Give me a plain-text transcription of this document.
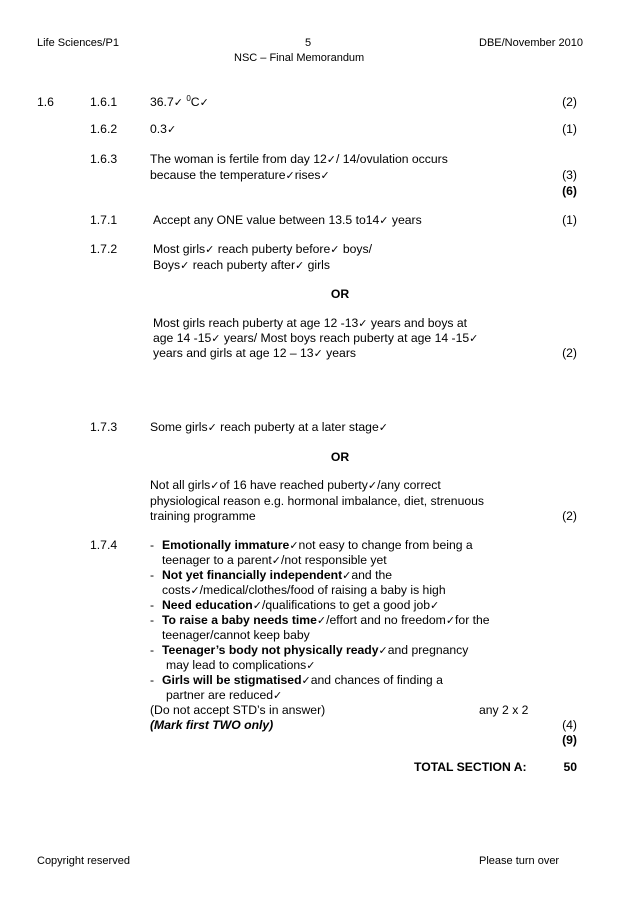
Life Sciences/P1	5	DBE/November 2010
NSC – Final Memorandum
1.6	1.6.1	36.7✓ $^0$C✓	(2)
1.6.2	0.3✓	(1)
1.6.3	The woman is fertile from day 12✓/ 14/ovulation occurs
because the temperature✓rises✓	(3)
(6)
1.7.1	Accept any ONE value between 13.5 to14✓ years	(1)
1.7.2	Most girls✓ reach puberty before✓ boys/
Boys✓ reach puberty after✓ girls
OR
Most girls reach puberty at age 12 -13✓ years and boys at
age 14 -15✓ years/ Most boys reach puberty at age 14 -15✓
years and girls at age 12 – 13✓ years	(2)
1.7.3	Some girls✓ reach puberty at a later stage✓
OR
Not all girls✓of 16 have reached puberty✓/any correct
physiological reason e.g. hormonal imbalance, diet, strenuous
training programme	(2)
1.7.4	- Emotionally immature✓not easy to change from being a
teenager to a parent✓/not responsible yet
- Not yet financially independent✓and the
costs✓/medical/clothes/food of raising a baby is high
- Need education✓/qualifications to get a good job✓
- To raise a baby needs time✓/effort and no freedom✓for the
teenager/cannot keep baby
- Teenager’s body not physically ready✓and pregnancy
may lead to complications✓
- Girls will be stigmatised✓and chances of finding a
partner are reduced✓
(Do not accept STD’s in answer)	any 2 x 2
(Mark first TWO only)	(4)
(9)
TOTAL SECTION A:	50
Copyright reserved	Please turn over
